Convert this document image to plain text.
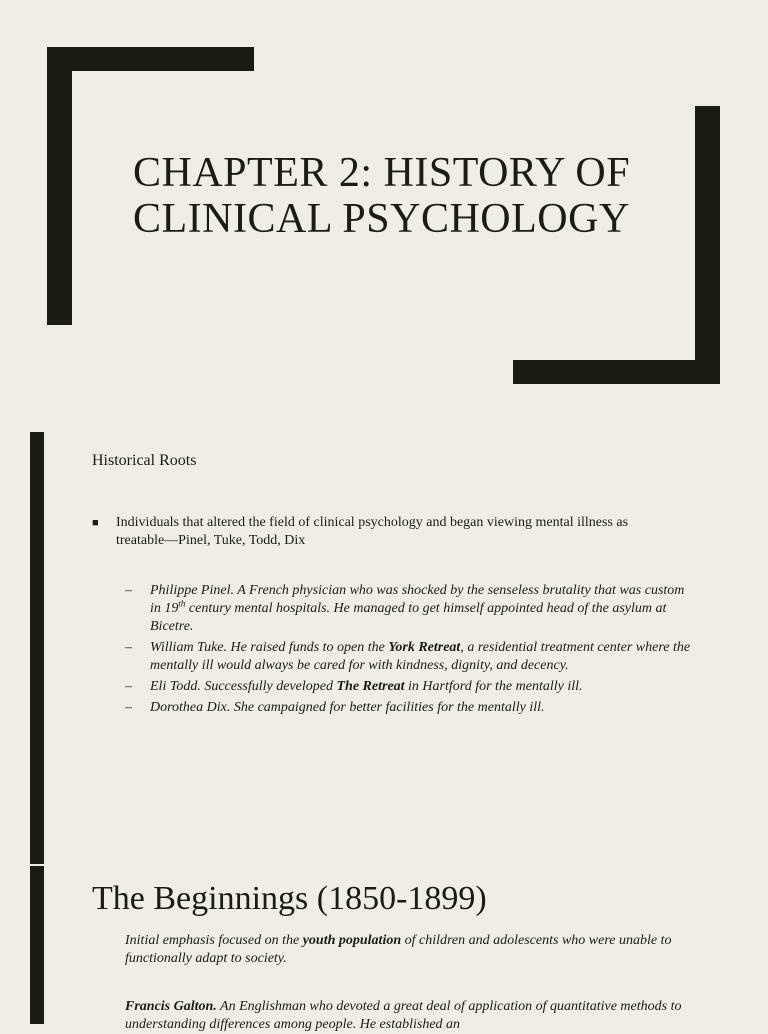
CHAPTER 2: HISTORY OF
CLINICAL PSYCHOLOGY
Historical Roots
■ Individuals that altered the field of clinical psychology and began viewing mental illness as treatable—Pinel, Tuke, Todd, Dix
– Philippe Pinel. A French physician who was shocked by the senseless brutality that was custom in 19th century mental hospitals. He managed to get himself appointed head of the asylum at Bicetre.
– William Tuke. He raised funds to open the York Retreat, a residential treatment center where the mentally ill would always be cared for with kindness, dignity, and decency.
– Eli Todd. Successfully developed The Retreat in Hartford for the mentally ill.
– Dorothea Dix. She campaigned for better facilities for the mentally ill.
The Beginnings (1850-1899)

Initial emphasis focused on the youth population of children and adolescents who were unable to functionally adapt to society.

Francis Galton. An Englishman who devoted a great deal of application of quantitative methods to understanding differences among people. He established an
